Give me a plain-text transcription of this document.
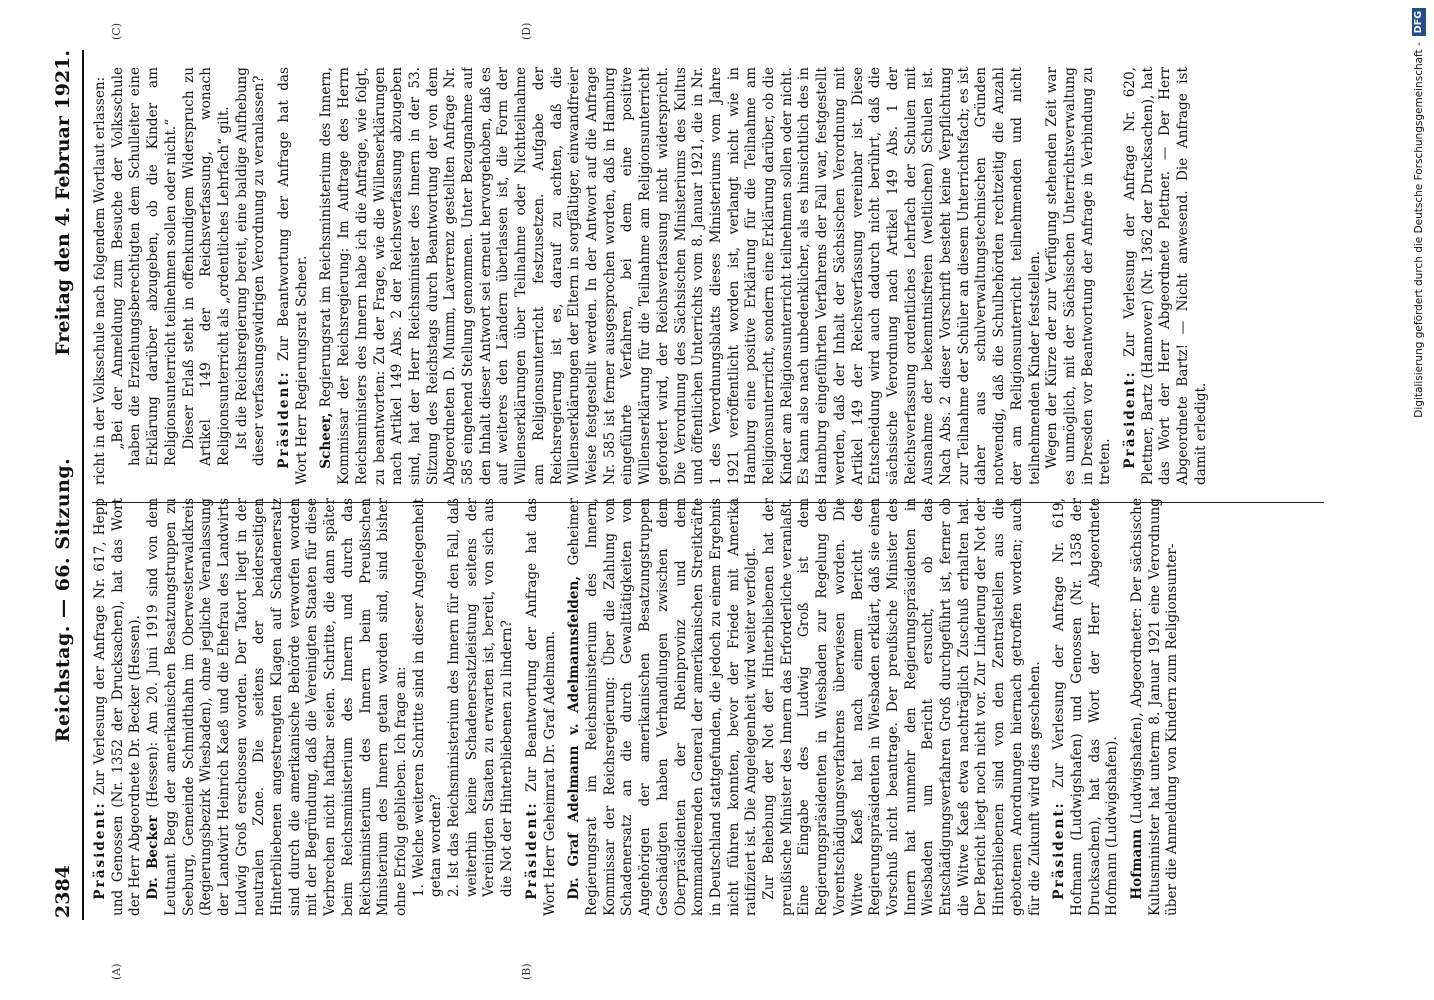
(A)	(B)
(C)	(D)
2384
Reichstag. — 66. Sitzung.
Freitag den 4. Februar 1921.

Präsident: Zur Verlesung der Anfrage Nr. 617, Hepp und Genossen (Nr. 1352 der Drucksachen), hat das Wort der Herr Abgeordnete Dr. Becker (Hessen). Dr. Becker (Hessen): Am 20. Juni 1919 sind von dem Leutnant Begg der amerikanischen Besatzungstruppen zu Seeburg, Gemeinde Schmidthahn im Oberwesterwaldkreis (Regierungsbezirk Wiesbaden), ohne jegliche Veranlassung der Landwirt Heinrich Kaeß und die Ehefrau des Landwirts Ludwig Groß erschossen worden. Der Tatort liegt in der neutralen Zone. Die seitens der beiderseitigen Hinterbliebenen angestrengten Klagen auf Schadenersatz sind durch die amerikanische Behörde verworfen worden mit der Begründung, daß die Vereinigten Staaten für diese Verbrechen nicht haftbar seien. Schritte, die dann später beim Reichsministerium des Innern und durch das Reichsministerium des Innern beim Preußischen Ministerium des Innern getan worden sind, sind bisher ohne Erfolg geblieben. Ich frage an: 1. Welche weiteren Schritte sind in dieser Angelegenheit getan worden? 2. Ist das Reichsministerium des Innern für den Fall, daß weiterhin keine Schadenersatzleistung seitens der Vereinigten Staaten zu erwarten ist, bereit, von sich aus die Not der Hinterbliebenen zu lindern? Präsident: Zur Beantwortung der Anfrage hat das Wort Herr Geheimrat Dr. Graf Adelmann. Dr. Graf Adelmann v. Adelmannsfelden, Geheimer Regierungsrat im Reichsministerium des Innern, Kommissar der Reichsregierung: Über die Zahlung von Schadenersatz an die durch Gewalttätigkeiten von Angehörigen der amerikanischen Besatzungstruppen Geschädigten haben Verhandlungen zwischen dem Oberpräsidenten der Rheinprovinz und dem kommandierenden General der amerikanischen Streitkräfte in Deutschland stattgefunden, die jedoch zu einem Ergebnis nicht führen konnten, bevor der Friede mit Amerika ratifiziert ist. Die Angelegenheit wird weiter verfolgt. Zur Behebung der Not der Hinterbliebenen hat der preußische Minister des Innern das Erforderliche veranlaßt. Eine Eingabe des Ludwig Groß ist dem Regierungspräsidenten in Wiesbaden zur Regelung des Vorentschädigungsverfahrens überwiesen worden. Die Witwe Kaeß hat nach einem Bericht des Regierungspräsidenten in Wiesbaden erklärt, daß sie einen Vorschuß nicht beantrage. Der preußische Minister des Innern hat nunmehr den Regierungspräsidenten in Wiesbaden um Bericht ersucht, ob das Entschädigungsverfahren Groß durchgeführt ist, ferner ob die Witwe Kaeß etwa nachträglich Zuschuß erhalten hat. Der Bericht liegt noch nicht vor. Zur Linderung der Not der Hinterbliebenen sind von den Zentralstellen aus die gebotenen Anordnungen hiernach getroffen worden; auch für die Zukunft wird dies geschehen. Präsident: Zur Verlesung der Anfrage Nr. 619, Hofmann (Ludwigshafen) und Genossen (Nr. 1358 der Drucksachen), hat das Wort der Herr Abgeordnete Hofmann (Ludwigshafen). Hofmann (Ludwigshafen), Abgeordneter: Der sächsische Kultusminister hat unterm 8. Januar 1921 eine Verordnung über die Anmeldung von Kindern zum Religionsunter-

richt in der Volksschule nach folgendem Wortlaut erlassen: „Bei der Anmeldung zum Besuche der Volksschule haben die Erziehungsberechtigten dem Schulleiter eine Erklärung darüber abzugeben, ob die Kinder am Religionsunterricht teilnehmen sollen oder nicht.“ Dieser Erlaß steht in offenkundigem Widerspruch zu Artikel 149 der Reichsverfassung, wonach Religionsunterricht als „ordentliches Lehrfach“ gilt. Ist die Reichsregierung bereit, eine baldige Aufhebung dieser verfassungswidrigen Verordnung zu veranlassen? Präsident: Zur Beantwortung der Anfrage hat das Wort Herr Regierungsrat Scheer. Scheer, Regierungsrat im Reichsministerium des Innern, Kommissar der Reichsregierung: Im Auftrage des Herrn Reichsministers des Innern habe ich die Anfrage, wie folgt, zu beantworten: Zu der Frage, wie die Willenserklärungen nach Artikel 149 Abs. 2 der Reichsverfassung abzugeben sind, hat der Herr Reichsminister des Innern in der 53. Sitzung des Reichstags durch Beantwortung der von dem Abgeordneten D. Mumm, Laverrenz gestellten Anfrage Nr. 585 eingehend Stellung genommen. Unter Bezugnahme auf den Inhalt dieser Antwort sei erneut hervorgehoben, daß es auf weiteres den Ländern überlassen ist, die Form der Willenserklärungen über Teilnahme oder Nichtteilnahme am Religionsunterricht festzusetzen. Aufgabe der Reichsregierung ist es, darauf zu achten, daß die Willenserklärungen der Eltern in sorgfältiger, einwandfreier Weise festgestellt werden. In der Antwort auf die Anfrage Nr. 585 ist ferner ausgesprochen worden, daß in Hamburg eingeführte Verfahren, bei dem eine positive Willenserklärung für die Teilnahme am Religionsunterricht gefordert wird, der Reichsverfassung nicht widerspricht. Die Verordnung des Sächsischen Ministeriums des Kultus und öffentlichen Unterrichts vom 8. Januar 1921, die in Nr. 1 des Verordnungsblatts dieses Ministeriums vom Jahre 1921 veröffentlicht worden ist, verlangt nicht wie in Hamburg eine positive Erklärung für die Teilnahme am Religionsunterricht, sondern eine Erklärung darüber, ob die Kinder am Religionsunterricht teilnehmen sollen oder nicht. Es kann also nach unbedenklicher, als es hinsichtlich des in Hamburg eingeführten Verfahrens der Fall war, festgestellt werden, daß der Inhalt der Sächsischen Verordnung mit Artikel 149 der Reichsverfassung vereinbar ist. Diese Entscheidung wird auch dadurch nicht berührt, daß die sächsische Verordnung nach Artikel 149 Abs. 1 der Reichsverfassung ordentliches Lehrfach der Schulen mit Ausnahme der bekenntnisfreien (weltlichen) Schulen ist. Nach Abs. 2 dieser Vorschrift besteht keine Verpflichtung zur Teilnahme der Schüler an diesem Unterrichtsfach; es ist daher aus schulverwaltungstechnischen Gründen notwendig, daß die Schulbehörden rechtzeitig die Anzahl der am Religionsunterricht teilnehmenden und nicht teilnehmenden Kinder feststellen. Wegen der Kürze der zur Verfügung stehenden Zeit war es unmöglich, mit der Sächsischen Unterrichtsverwaltung in Dresden vor Beantwortung der Anfrage in Verbindung zu treten. Präsident: Zur Verlesung der Anfrage Nr. 620, Plettner, Bartz (Hannover) (Nr. 1362 der Drucksachen), hat das Wort der Herr Abgeordnete Plettner. — Der Herr Abgeordnete Bartz! — Nicht anwesend. Die Anfrage ist damit erledigt.

Digitalisierung gefördert durch die Deutsche Forschungsgemeinschaft -DFG
